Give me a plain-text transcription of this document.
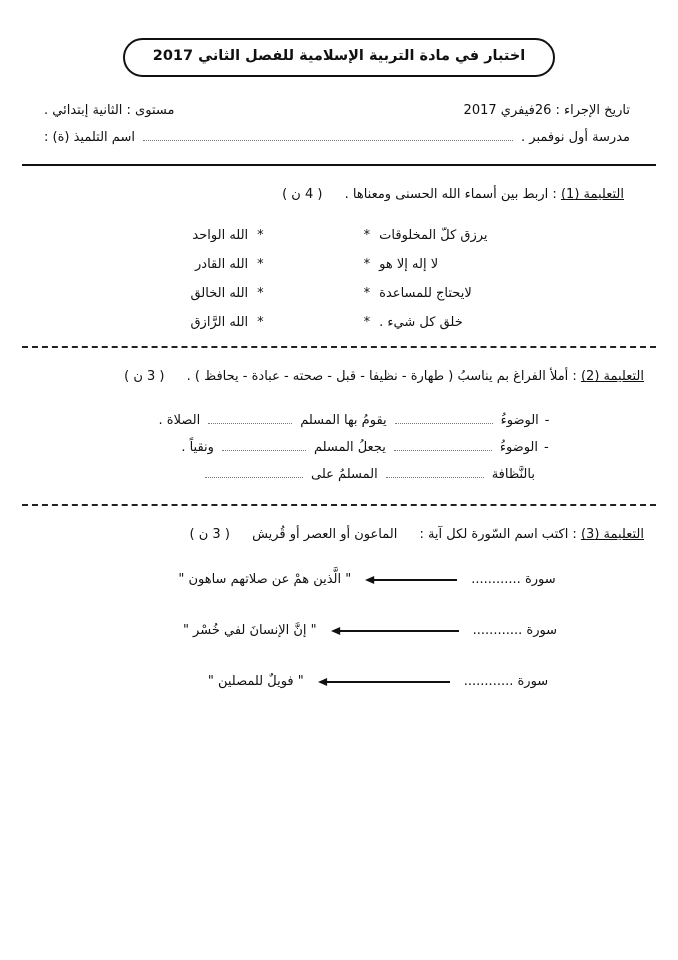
اختبار في مادة التربية الإسلامية للفصل الثاني 2017
تاريخ الإجراء : 26فيفري 2017
مستوى : الثانية إبتدائي .
مدرسة أول نوفمبر .
اسم التلميذ (ة) :
التعليمة (1) : اربط بين أسماء الله الحسنى ومعناها . ( 4 ن )
* يرزق كلّ المخلوقات
* لا إله إلا هو
* لايحتاج للمساعدة
* خلق كل شيء .
*
الله الواحد
*
الله القادر
*
الله الخالق
*
الله الرَّازق
التعليمة (2) : أملأ الفراغ بم يناسبُ ( طهارة - نظيفا - قبل - صحته - عبادة - يحافظ ) . ( 3 ن )
-
الوضوءُ
يقومُ بها المسلم
الصلاة .
-
الوضوءُ
يجعلُ المسلم
ونقياً .
بالنَّظافة
المسلمُ على
التعليمة (3) : اكتب اسم السّورة لكل آية : الماعون أو العصر أو قُريش ( 3 ن )
سورة ............
" الَّذين همْ عن صلاتهم ساهون "
سورة ............
" إنَّ الإنسانَ لفي خُسْر "
سورة ............
" فويلٌ للمصلين "
